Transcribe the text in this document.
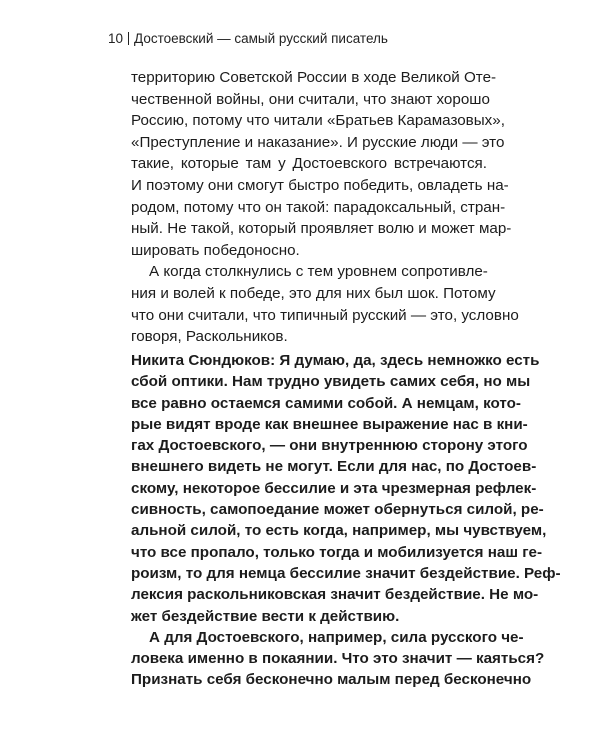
10 Достоевский — самый русский писатель
территорию Советской России в ходе Великой Оте-
чественной войны, они считали, что знают хорошо
Россию, потому что читали «Братьев Карамазовых»,
«Преступление и наказание». И русские люди — это
такие, которые там у Достоевского встречаются.
И поэтому они смогут быстро победить, овладеть на-
родом, потому что он такой: парадоксальный, стран-
ный. Не такой, который проявляет волю и может мар-
шировать победоносно.
А когда столкнулись с тем уровнем сопротивле-
ния и волей к победе, это для них был шок. Потому
что они считали, что типичный русский — это, условно
говоря, Раскольников.
Никита Сюндюков: Я думаю, да, здесь немножко есть
сбой оптики. Нам трудно увидеть самих себя, но мы
все равно остаемся самими собой. А немцам, кото-
рые видят вроде как внешнее выражение нас в кни-
гах Достоевского, — они внутреннюю сторону этого
внешнего видеть не могут. Если для нас, по Достоев-
скому, некоторое бессилие и эта чрезмерная рефлек-
сивность, самопоедание может обернуться силой, ре-
альной силой, то есть когда, например, мы чувствуем,
что все пропало, только тогда и мобилизуется наш ге-
роизм, то для немца бессилие значит бездействие. Реф-
лексия раскольниковская значит бездействие. Не мо-
жет бездействие вести к действию.
А для Достоевского, например, сила русского че-
ловека именно в покаянии. Что это значит — каяться?
Признать себя бесконечно малым перед бесконечно
